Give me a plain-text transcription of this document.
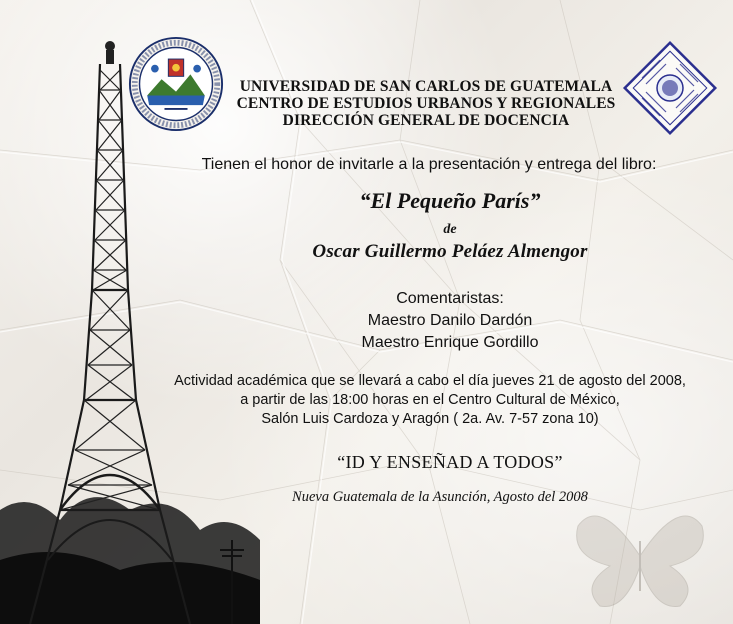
UNIVERSIDAD DE SAN CARLOS DE GUATEMALA
CENTRO DE ESTUDIOS URBANOS Y REGIONALES
DIRECCIÓN GENERAL DE DOCENCIA
Tienen el honor de invitarle a la presentación y entrega del libro:
“El Pequeño París”
de
Oscar Guillermo Peláez Almengor
Comentaristas:
Maestro Danilo Dardón
Maestro Enrique Gordillo
Actividad académica que se llevará a cabo el día jueves 21 de agosto del 2008,
a partir de las 18:00 horas en el Centro Cultural de México,
Salón Luis Cardoza y Aragón ( 2a. Av. 7-57 zona 10)
“ID Y ENSEÑAD A TODOS”
Nueva Guatemala de la Asunción, Agosto del 2008
